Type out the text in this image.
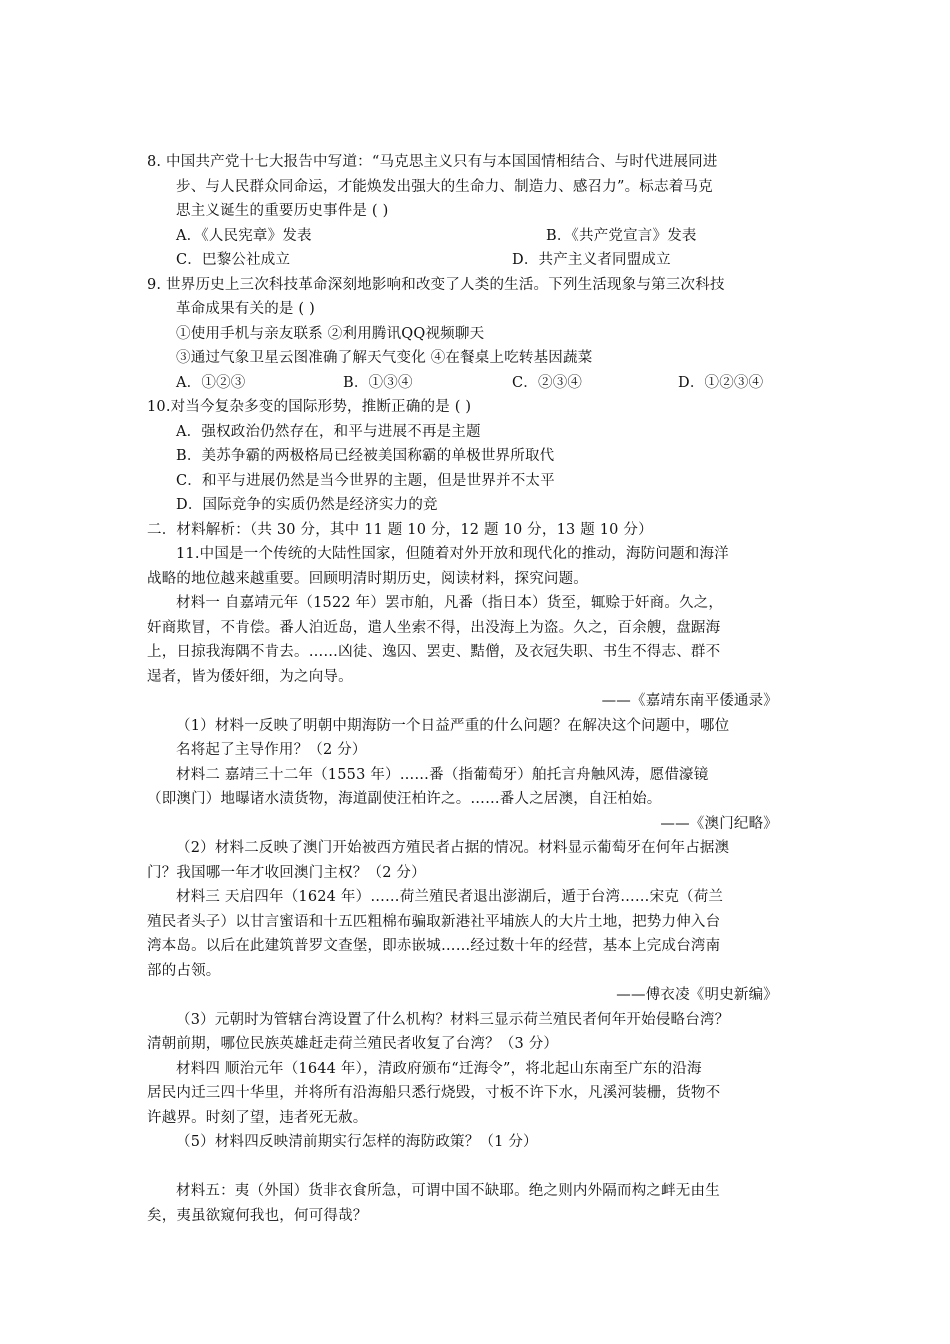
8. 中国共产党十七大报告中写道：“马克思主义只有与本国国情相结合、与时代进展同进
步、与人民群众同命运，才能焕发出强大的生命力、制造力、感召力”。标志着马克
思主义诞生的重要历史事件是 ( )
A．《人民宪章》发表	B．《共产党宣言》发表
C．巴黎公社成立	D．共产主义者同盟成立
9. 世界历史上三次科技革命深刻地影响和改变了人类的生活。下列生活现象与第三次科技
革命成果有关的是 ( )
①使用手机与亲友联系 ②利用腾讯QQ视频聊天
③通过气象卫星云图准确了解天气变化 ④在餐桌上吃转基因蔬菜
A．①②③	B．①③④	C．②③④	D．①②③④
10.对当今复杂多变的国际形势，推断正确的是 ( )
A．强权政治仍然存在，和平与进展不再是主题
B．美苏争霸的两极格局已经被美国称霸的单极世界所取代
C．和平与进展仍然是当今世界的主题，但是世界并不太平
D．国际竞争的实质仍然是经济实力的竞
二．材料解析：（共 30 分，其中 11 题 10 分，12 题 10 分，13 题 10 分）
11.中国是一个传统的大陆性国家，但随着对外开放和现代化的推动，海防问题和海洋
战略的地位越来越重要。回顾明清时期历史，阅读材料，探究问题。
材料一 自嘉靖元年（1522 年）罢市舶，凡番（指日本）货至，辄赊于奸商。久之，
奸商欺冒，不肯偿。番人泊近岛，遣人坐索不得，出没海上为盗。久之，百余艘，盘踞海
上，日掠我海隅不肯去。……凶徒、逸囚、罢吏、黠僧，及衣冠失职、书生不得志、群不
逞者，皆为倭奸细，为之向导。
——《嘉靖东南平倭通录》
（1）材料一反映了明朝中期海防一个日益严重的什么问题？在解决这个问题中，哪位
名将起了主导作用？（2 分）
材料二 嘉靖三十二年（1553 年）……番（指葡萄牙）舶托言舟触风涛，愿借濠镜
（即澳门）地曝诸水渍货物，海道副使汪柏许之。……番人之居澳，自汪柏始。
——《澳门纪略》
（2）材料二反映了澳门开始被西方殖民者占据的情况。材料显示葡萄牙在何年占据澳
门？我国哪一年才收回澳门主权？（2 分）
材料三 天启四年（1624 年）……荷兰殖民者退出澎湖后，遁于台湾……宋克（荷兰
殖民者头子）以甘言蜜语和十五匹粗棉布骗取新港社平埔族人的大片土地，把势力伸入台
湾本岛。以后在此建筑普罗文查堡，即赤嵌城……经过数十年的经营，基本上完成台湾南
部的占领。
——傅衣凌《明史新编》
（3）元朝时为管辖台湾设置了什么机构？材料三显示荷兰殖民者何年开始侵略台湾？
清朝前期，哪位民族英雄赶走荷兰殖民者收复了台湾？（3 分）
材料四 顺治元年（1644 年），清政府颁布“迁海令”，将北起山东南至广东的沿海
居民内迁三四十华里，并将所有沿海船只悉行烧毁，寸板不许下水，凡溪河装栅，货物不
许越界。时刻了望，违者死无赦。
（5）材料四反映清前期实行怎样的海防政策？（1 分）
材料五：夷（外国）货非衣食所急，可谓中国不缺耶。绝之则内外隔而构之衅无由生
矣，夷虽欲窥何我也，何可得哉？
